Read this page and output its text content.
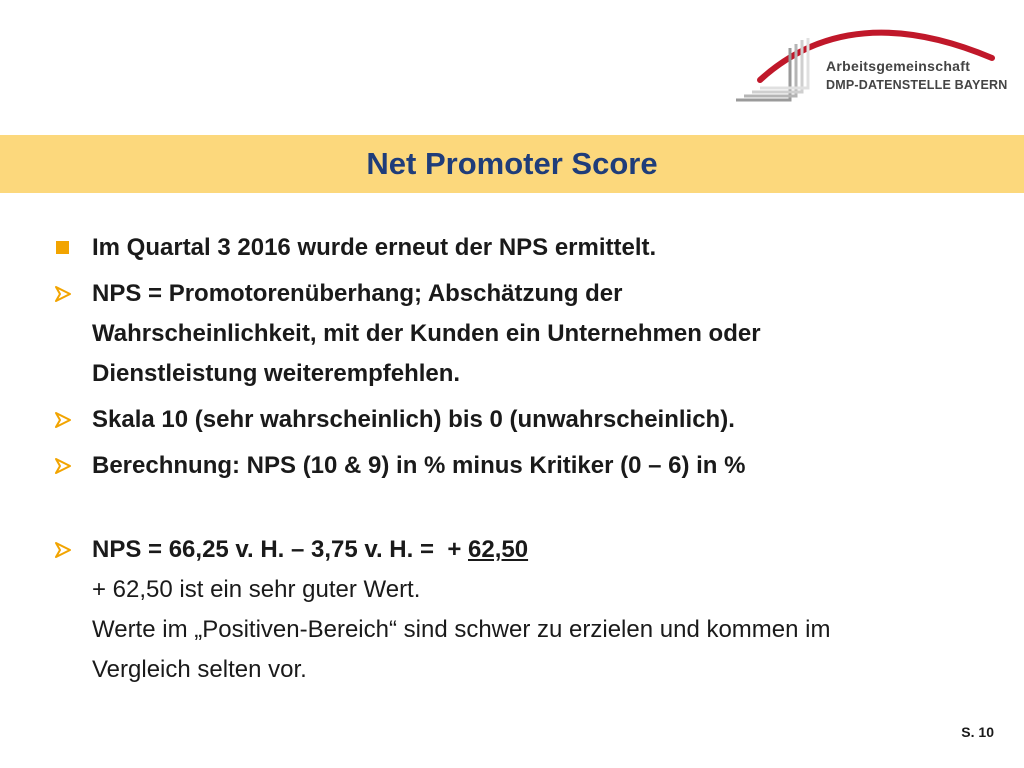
Arbeitsgemeinschaft
DMP-DATENSTELLE BAYERN
Net Promoter Score
Im Quartal 3 2016 wurde erneut der NPS ermittelt.
NPS = Promotorenüberhang; Abschätzung der
Wahrscheinlichkeit, mit der Kunden ein Unternehmen oder
Dienstleistung weiterempfehlen.
Skala 10 (sehr wahrscheinlich) bis 0 (unwahrscheinlich).
Berechnung: NPS (10 & 9) in % minus Kritiker (0 – 6) in %
NPS = 66,25 v. H. – 3,75 v. H. =  + 62,50
+ 62,50 ist ein sehr guter Wert.
Werte im „Positiven-Bereich“ sind schwer zu erzielen und kommen im
Vergleich selten vor.
S. 10
